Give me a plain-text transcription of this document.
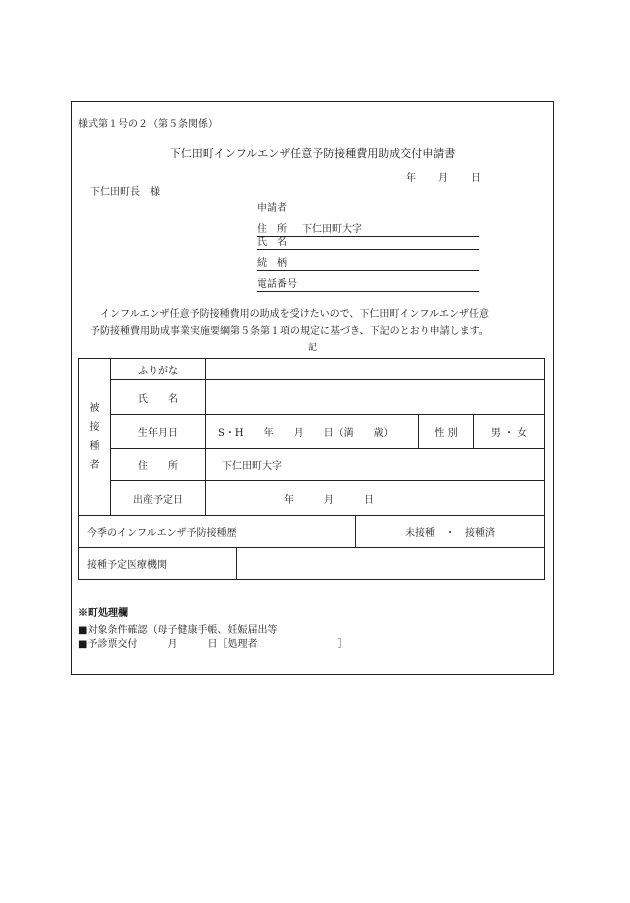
様式第１号の２（第５条関係）
下仁田町インフルエンザ任意予防接種費用助成交付申請書
年 月 日
下仁田町長　様
申請者
住　所 下仁田町大字
氏　名
続　柄
電話番号
インフルエンザ任意予防接種費用の助成を受けたいので、下仁田町インフルエンザ任意
予防接種費用助成事業実施要綱第５条第１項の規定に基づき、下記のとおり申請します。
記
被
接
種
者	ふりがな			
	氏　　名			
	生年月日	S・H　　年　　月　　日（満　　歳）	性 別	男 ・ 女
	住　　所	下仁田町大字		
	出産予定日	年　　　月　　　日		
今季のインフルエンザ予防接種歴	未接種　・　接種済
接種予定医療機関	
※町処理欄
■対象条件確認（母子健康手帳、妊娠届出等
■予診票交付　　　月　　　日［処理者　　　　　　　　］
